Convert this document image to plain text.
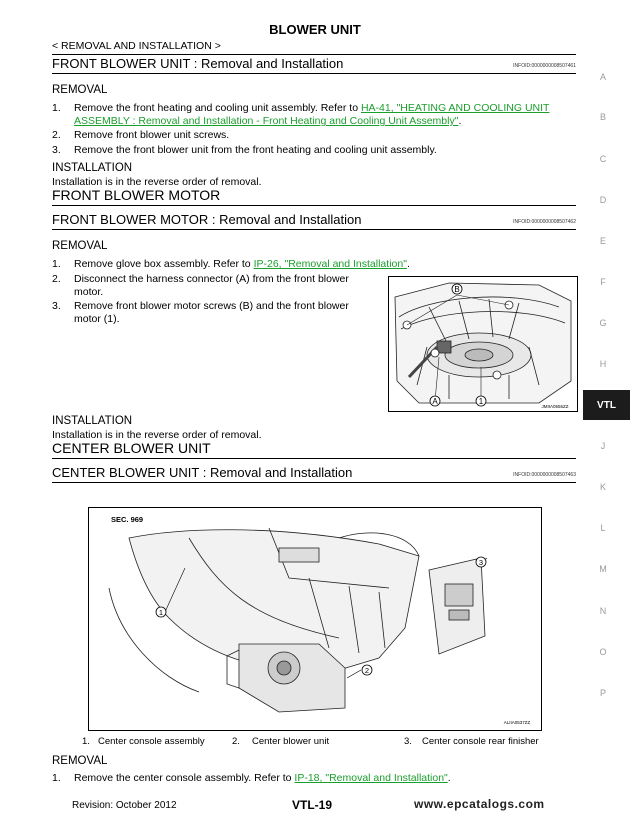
BLOWER UNIT
< REMOVAL AND INSTALLATION >
FRONT BLOWER UNIT : Removal and Installation	INFOID:0000000008507461
REMOVAL
1. Remove the front heating and cooling unit assembly. Refer to HA-41, "HEATING AND COOLING UNIT
ASSEMBLY : Removal and Installation - Front Heating and Cooling Unit Assembly".
2. Remove front blower unit screws.
3. Remove the front blower unit from the front heating and cooling unit assembly.
INSTALLATION
Installation is in the reverse order of removal.
FRONT BLOWER MOTOR
FRONT BLOWER MOTOR : Removal and Installation	INFOID:0000000008507462
REMOVAL
1. Remove glove box assembly. Refer to IP-26, "Removal and Installation".
2. Disconnect the harness connector (A) from the front blower
motor.
3. Remove front blower motor screws (B) and the front blower
motor (1).
B
A	1
JMIIA0556ZZ
INSTALLATION
Installation is in the reverse order of removal.
CENTER BLOWER UNIT
CENTER BLOWER UNIT : Removal and Installation	INFOID:0000000008507463
SEC. 969
1
2
3
ALIIA0537ZZ
1. Center console assembly	2. Center blower unit	3. Center console rear finisher
REMOVAL
1. Remove the center console assembly. Refer to IP-18, "Removal and Installation".
A
B
C
D
E
F
G
H
VTL
J
K
L
M
N
O
P
Revision: October 2012	VTL-19	www.epcatalogs.com
